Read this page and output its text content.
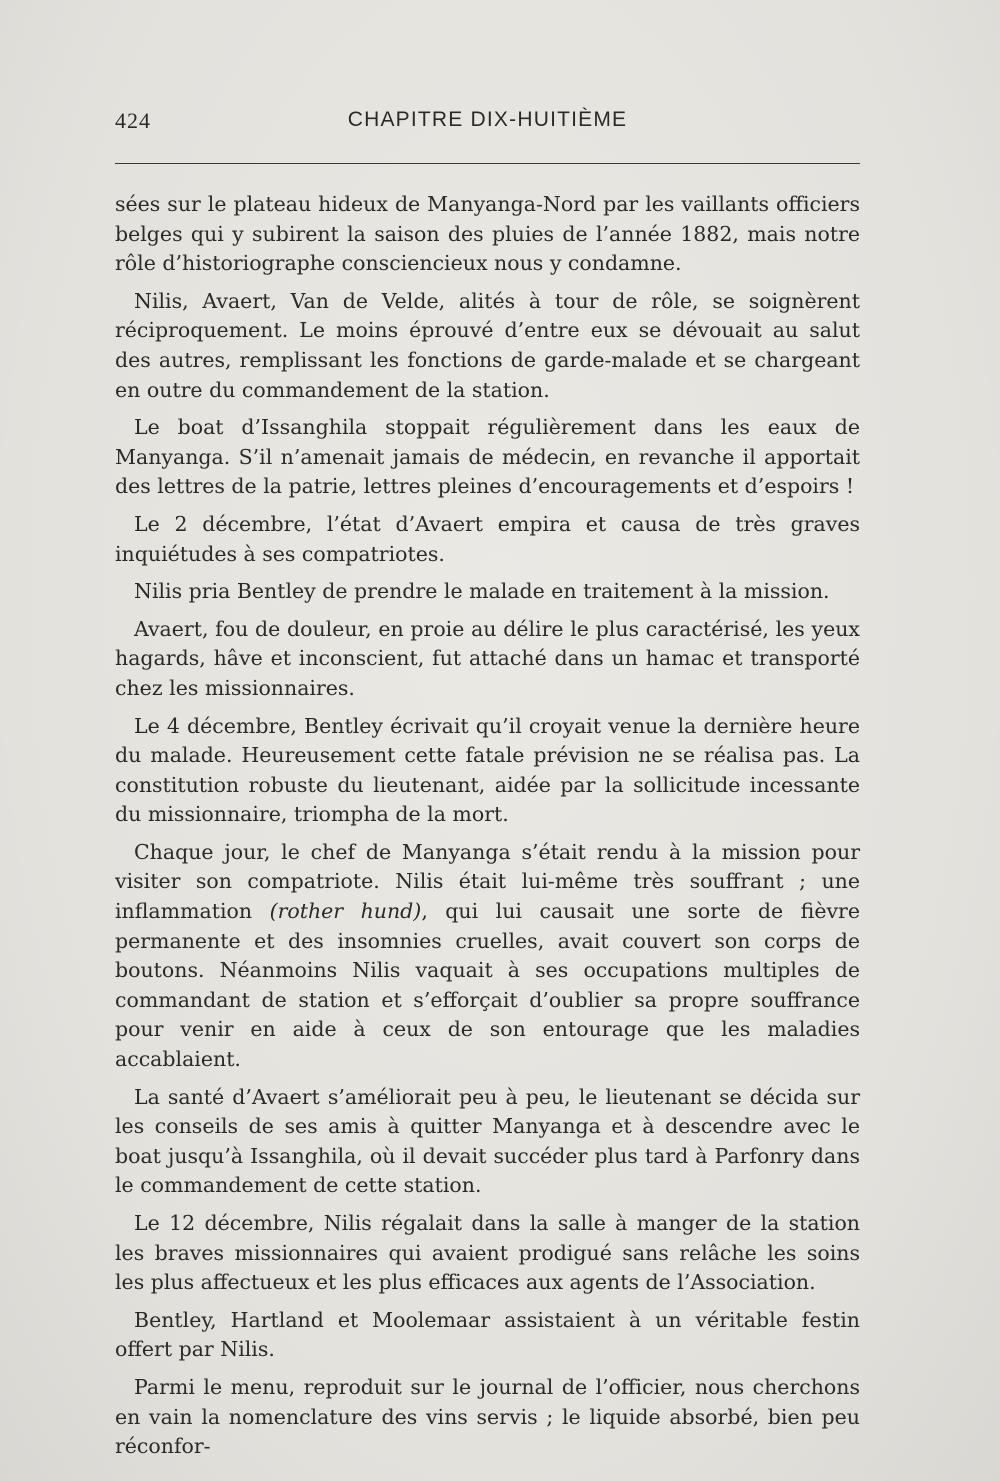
424	CHAPITRE DIX-HUITIÈME

sées sur le plateau hideux de Manyanga-Nord par les vaillants officiers belges qui y subirent la saison des pluies de l’année 1882, mais notre rôle d’historiographe consciencieux nous y condamne.

Nilis, Avaert, Van de Velde, alités à tour de rôle, se soignèrent réciproquement. Le moins éprouvé d’entre eux se dévouait au salut des autres, remplissant les fonctions de garde-malade et se chargeant en outre du commandement de la station.

Le boat d’Issanghila stoppait régulièrement dans les eaux de Manyanga. S’il n’amenait jamais de médecin, en revanche il apportait des lettres de la patrie, lettres pleines d’encouragements et d’espoirs !

Le 2 décembre, l’état d’Avaert empira et causa de très graves inquiétudes à ses compatriotes.

Nilis pria Bentley de prendre le malade en traitement à la mission.

Avaert, fou de douleur, en proie au délire le plus caractérisé, les yeux hagards, hâve et inconscient, fut attaché dans un hamac et transporté chez les missionnaires.

Le 4 décembre, Bentley écrivait qu’il croyait venue la dernière heure du malade. Heureusement cette fatale prévision ne se réalisa pas. La constitution robuste du lieutenant, aidée par la sollicitude incessante du missionnaire, triompha de la mort.

Chaque jour, le chef de Manyanga s’était rendu à la mission pour visiter son compatriote. Nilis était lui-même très souffrant ; une inflammation (rother hund), qui lui causait une sorte de fièvre permanente et des insomnies cruelles, avait couvert son corps de boutons. Néanmoins Nilis vaquait à ses occupations multiples de commandant de station et s’efforçait d’oublier sa propre souffrance pour venir en aide à ceux de son entourage que les maladies accablaient.

La santé d’Avaert s’améliorait peu à peu, le lieutenant se décida sur les conseils de ses amis à quitter Manyanga et à descendre avec le boat jusqu’à Issanghila, où il devait succéder plus tard à Parfonry dans le commandement de cette station.

Le 12 décembre, Nilis régalait dans la salle à manger de la station les braves missionnaires qui avaient prodigué sans relâche les soins les plus affectueux et les plus efficaces aux agents de l’Association.

Bentley, Hartland et Moolemaar assistaient à un véritable festin offert par Nilis.

Parmi le menu, reproduit sur le journal de l’officier, nous cherchons en vain la nomenclature des vins servis ; le liquide absorbé, bien peu réconfor-
